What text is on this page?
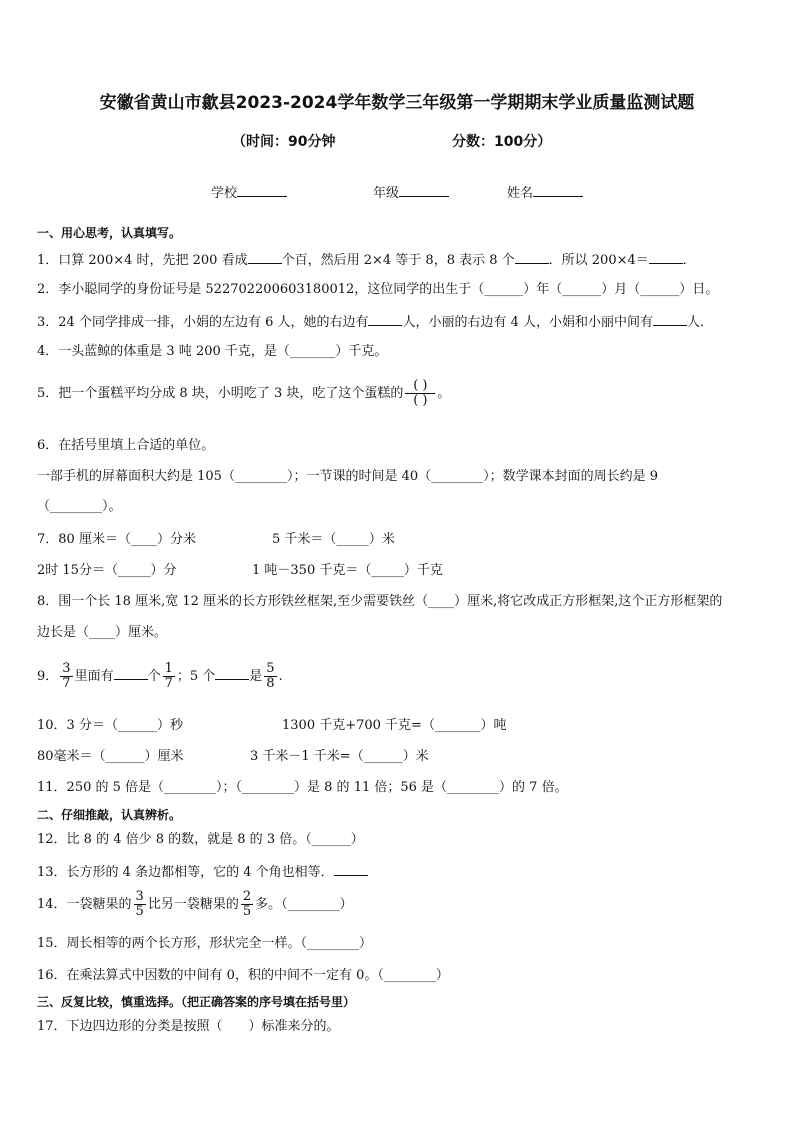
安徽省黄山市歙县2023-2024学年数学三年级第一学期期末学业质量监测试题
（时间：90分钟	分数：100分）
学校	年级	姓名
一、用心思考，认真填写。
1．口算 200×4 时，先把 200 看成	个百，然后用 2×4 等于 8，8 表示 8 个	．所以 200×4＝	．
2．李小聪同学的身份证号是 522702200603180012，这位同学的出生于（______）年（______）月（______）日。
3．24 个同学排成一排，小娟的左边有 6 人，她的右边有	人，小丽的右边有 4 人，小娟和小丽中间有	人．
4．一头蓝鲸的体重是 3 吨 200 千克，是（_______）千克。
5．把一个蛋糕平均分成 8 块，小明吃了 3 块，吃了这个蛋糕的 $\frac{( )}{( )}$ 。
6．在括号里填上合适的单位。
一部手机的屏幕面积大约是 105（________）；一节课的时间是 40（________）；数学课本封面的周长约是 9
（________）。
7．80 厘米＝（____）分米	5 千米＝（_____）米
2时 15分＝（_____）分	1 吨－350 千克＝（_____）千克
8．围一个长 18 厘米,宽 12 厘米的长方形铁丝框架,至少需要铁丝（____）厘米,将它改成正方形框架,这个正方形框架的
边长是（____）厘米。
9． $\frac{3}{7}$ 里面有	个 $\frac{1}{7}$ ；5 个	是 $\frac{5}{8}$ .
10．3 分＝（______）秒	1300 千克+700 千克=（_______）吨
80毫米＝（______）厘米	3 千米－1 千米=（______）米
11．250 的 5 倍是（________）；（________）是 8 的 11 倍；56 是（________）的 7 倍。
二、仔细推敲，认真辨析。
12．比 8 的 4 倍少 8 的数，就是 8 的 3 倍。（______）
13．长方形的 4 条边都相等，它的 4 个角也相等．
14．一袋糖果的 $\frac{3}{5}$ 比另一袋糖果的 $\frac{2}{5}$ 多。（________）
15．周长相等的两个长方形，形状完全一样。（________）
16．在乘法算式中因数的中间有 0，积的中间不一定有 0。（________）
三、反复比较，慎重选择。（把正确答案的序号填在括号里）
17．下边四边形的分类是按照（　　）标准来分的。
